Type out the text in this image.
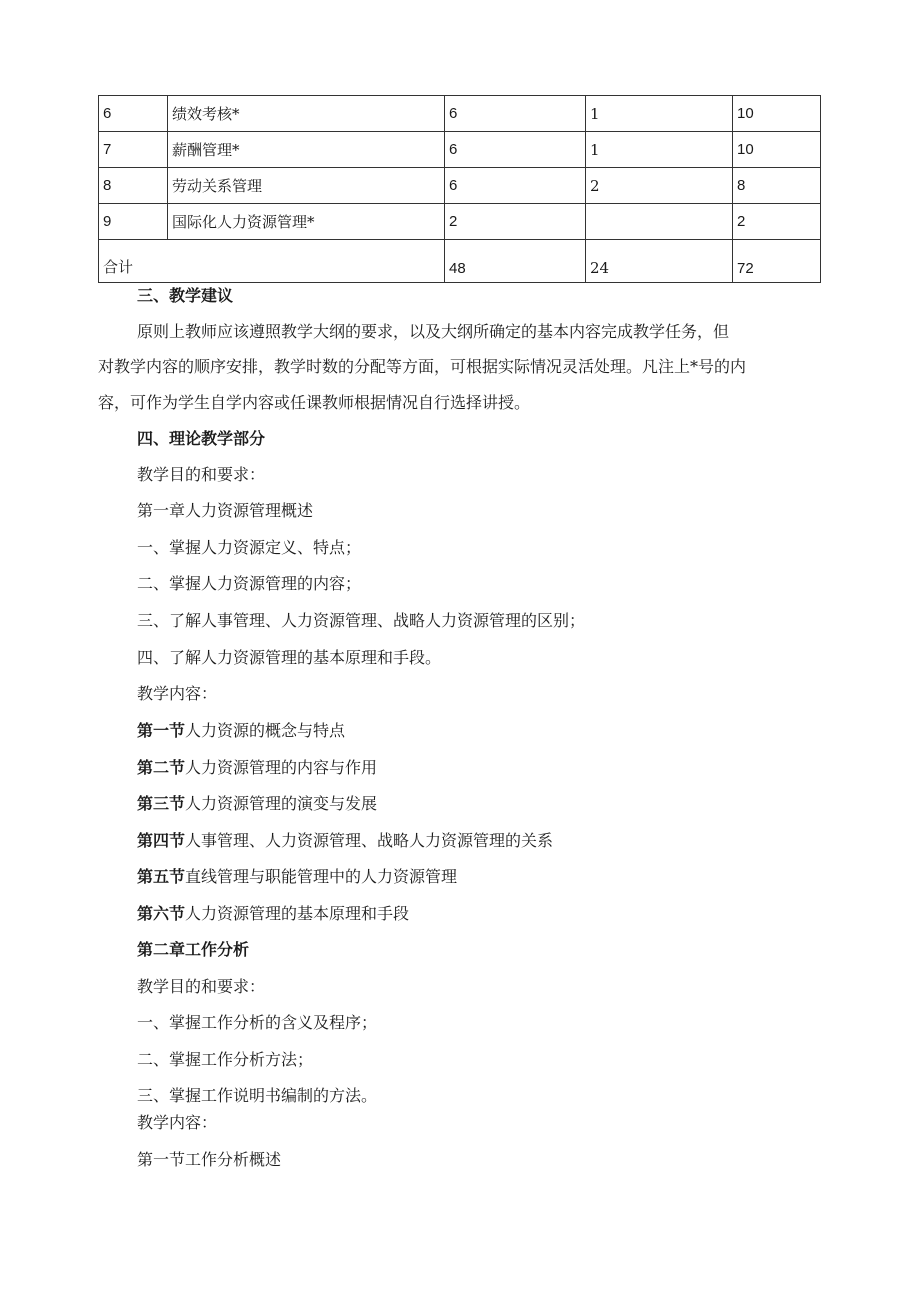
6	绩效考核*	6	1	10
7	薪酬管理*	6	1	10
8	劳动关系管理	6	2	8
9	国际化人力资源管理*	2		2
合计		48	24	72
三、教学建议
原则上教师应该遵照教学大纲的要求，以及大纲所确定的基本内容完成教学任务，但
对教学内容的顺序安排，教学时数的分配等方面，可根据实际情况灵活处理。凡注上*号的内
容，可作为学生自学内容或任课教师根据情况自行选择讲授。
四、理论教学部分
教学目的和要求：
第一章人力资源管理概述
一、掌握人力资源定义、特点；
二、掌握人力资源管理的内容；
三、了解人事管理、人力资源管理、战略人力资源管理的区别；
四、了解人力资源管理的基本原理和手段。
教学内容：
第一节人力资源的概念与特点
第二节人力资源管理的内容与作用
第三节人力资源管理的演变与发展
第四节人事管理、人力资源管理、战略人力资源管理的关系
第五节直线管理与职能管理中的人力资源管理
第六节人力资源管理的基本原理和手段
第二章工作分析
教学目的和要求：
一、掌握工作分析的含义及程序；
二、掌握工作分析方法；
三、掌握工作说明书编制的方法。
教学内容：
第一节工作分析概述
